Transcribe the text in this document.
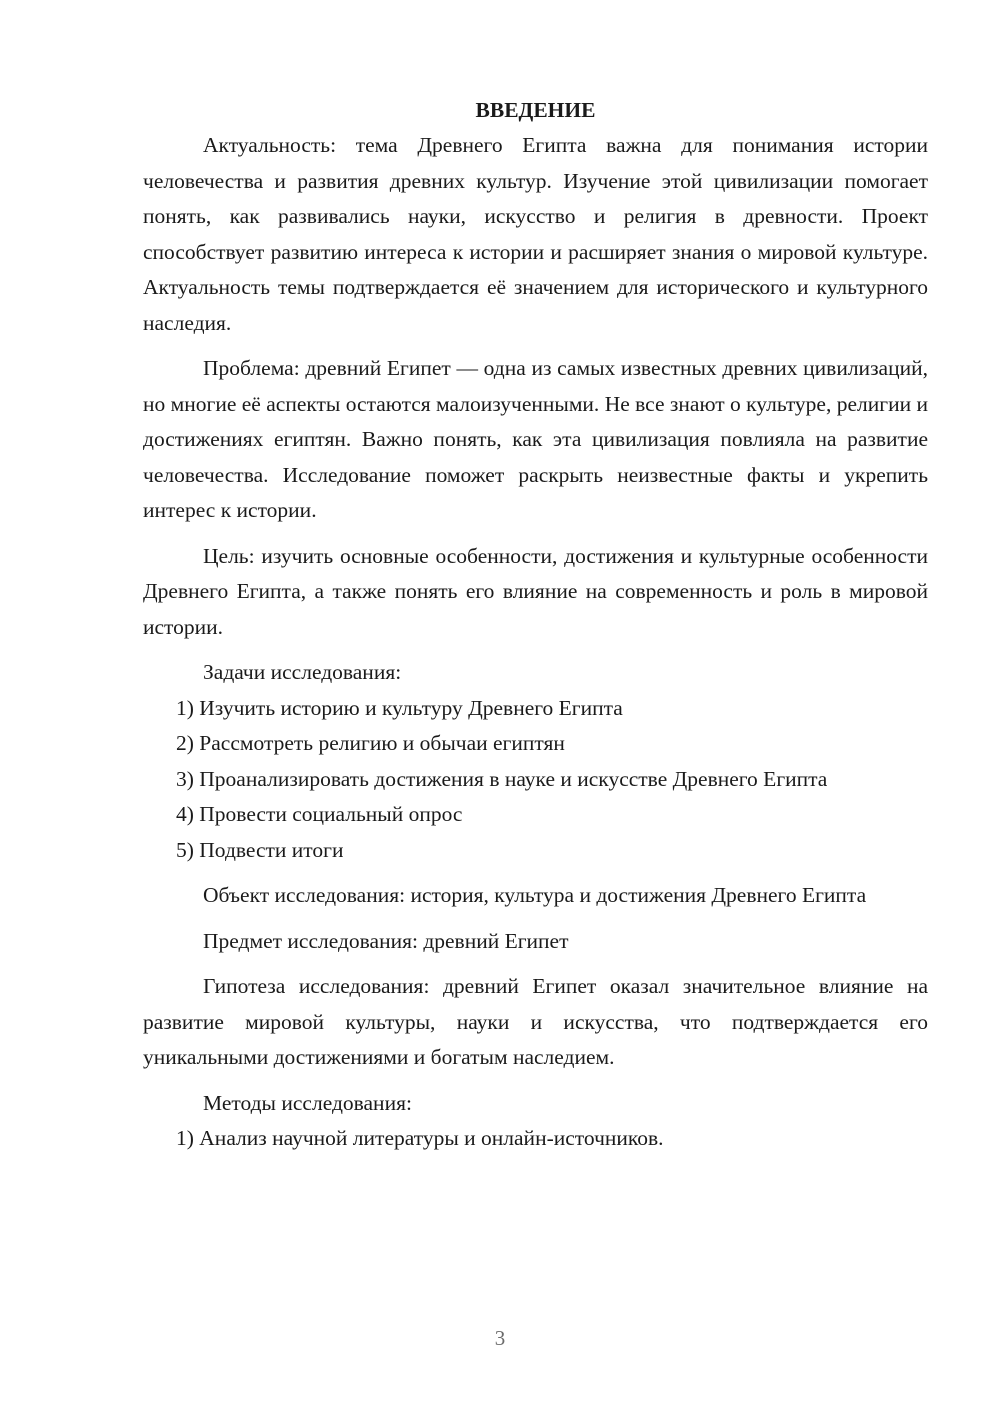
ВВЕДЕНИЕ

Актуальность: тема Древнего Египта важна для понимания истории человечества и развития древних культур. Изучение этой цивилизации помогает понять, как развивались науки, искусство и религия в древности. Проект способствует развитию интереса к истории и расширяет знания о мировой культуре. Актуальность темы подтверждается её значением для исторического и культурного наследия.

Проблема: древний Египет — одна из самых известных древних цивилизаций, но многие её аспекты остаются малоизученными. Не все знают о культуре, религии и достижениях египтян. Важно понять, как эта цивилизация повлияла на развитие человечества. Исследование поможет раскрыть неизвестные факты и укрепить интерес к истории.

Цель: изучить основные особенности, достижения и культурные особенности Древнего Египта, а также понять его влияние на современность и роль в мировой истории.

Задачи исследования:

1) Изучить историю и культуру Древнего Египта

2) Рассмотреть религию и обычаи египтян

3) Проанализировать достижения в науке и искусстве Древнего Египта

4) Провести социальный опрос

5) Подвести итоги

Объект исследования: история, культура и достижения Древнего Египта

Предмет исследования: древний Египет

Гипотеза исследования: древний Египет оказал значительное влияние на развитие мировой культуры, науки и искусства, что подтверждается его уникальными достижениями и богатым наследием.

Методы исследования:

1) Анализ научной литературы и онлайн-источников.

3
